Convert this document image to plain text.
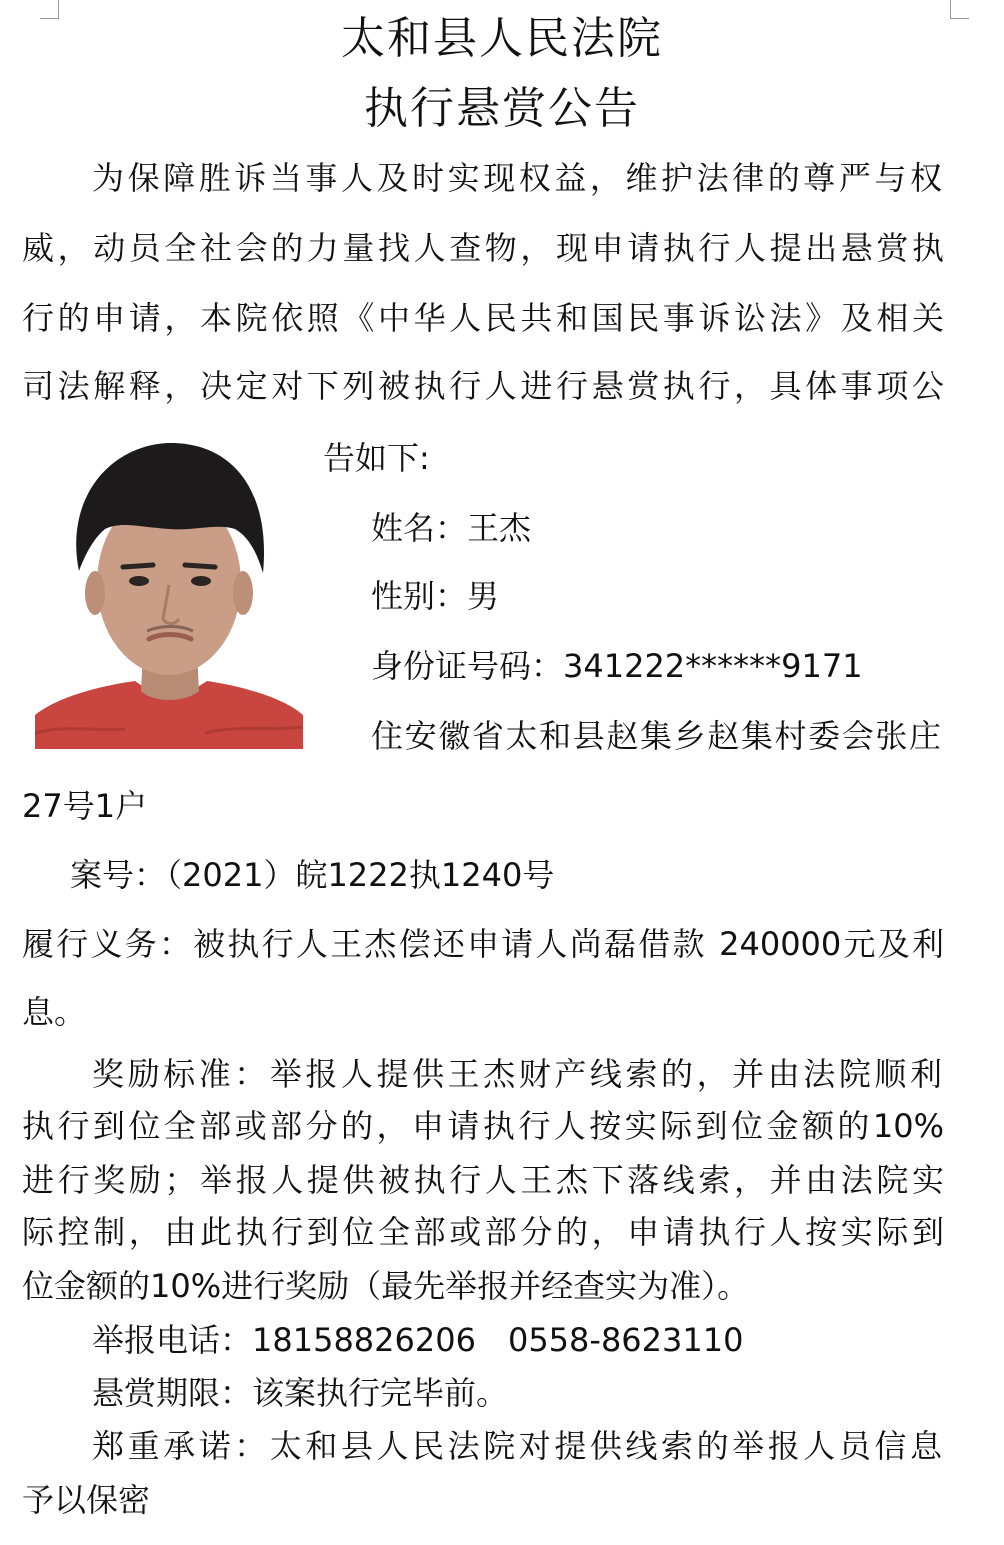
太和县人民法院
执行悬赏公告

为保障胜诉当事人及时实现权益，维护法律的尊严与权

威，动员全社会的力量找人查物，现申请执行人提出悬赏执

行的申请，本院依照《中华人民共和国民事诉讼法》及相关

司法解释，决定对下列被执行人进行悬赏执行，具体事项公

告如下:

姓名：王杰

性别：男

身份证号码：341222******9171

住安徽省太和县赵集乡赵集村委会张庄

27号1户

案号：（2021）皖1222执1240号

履行义务：被执行人王杰偿还申请人尚磊借款 240000元及利

息。

奖励标准：举报人提供王杰财产线索的，并由法院顺利

执行到位全部或部分的，申请执行人按实际到位金额的10%

进行奖励；举报人提供被执行人王杰下落线索，并由法院实

际控制，由此执行到位全部或部分的，申请执行人按实际到

位金额的10%进行奖励（最先举报并经查实为准）。

举报电话：18158826206　0558-8623110

悬赏期限：该案执行完毕前。

郑重承诺：太和县人民法院对提供线索的举报人员信息

予以保密
